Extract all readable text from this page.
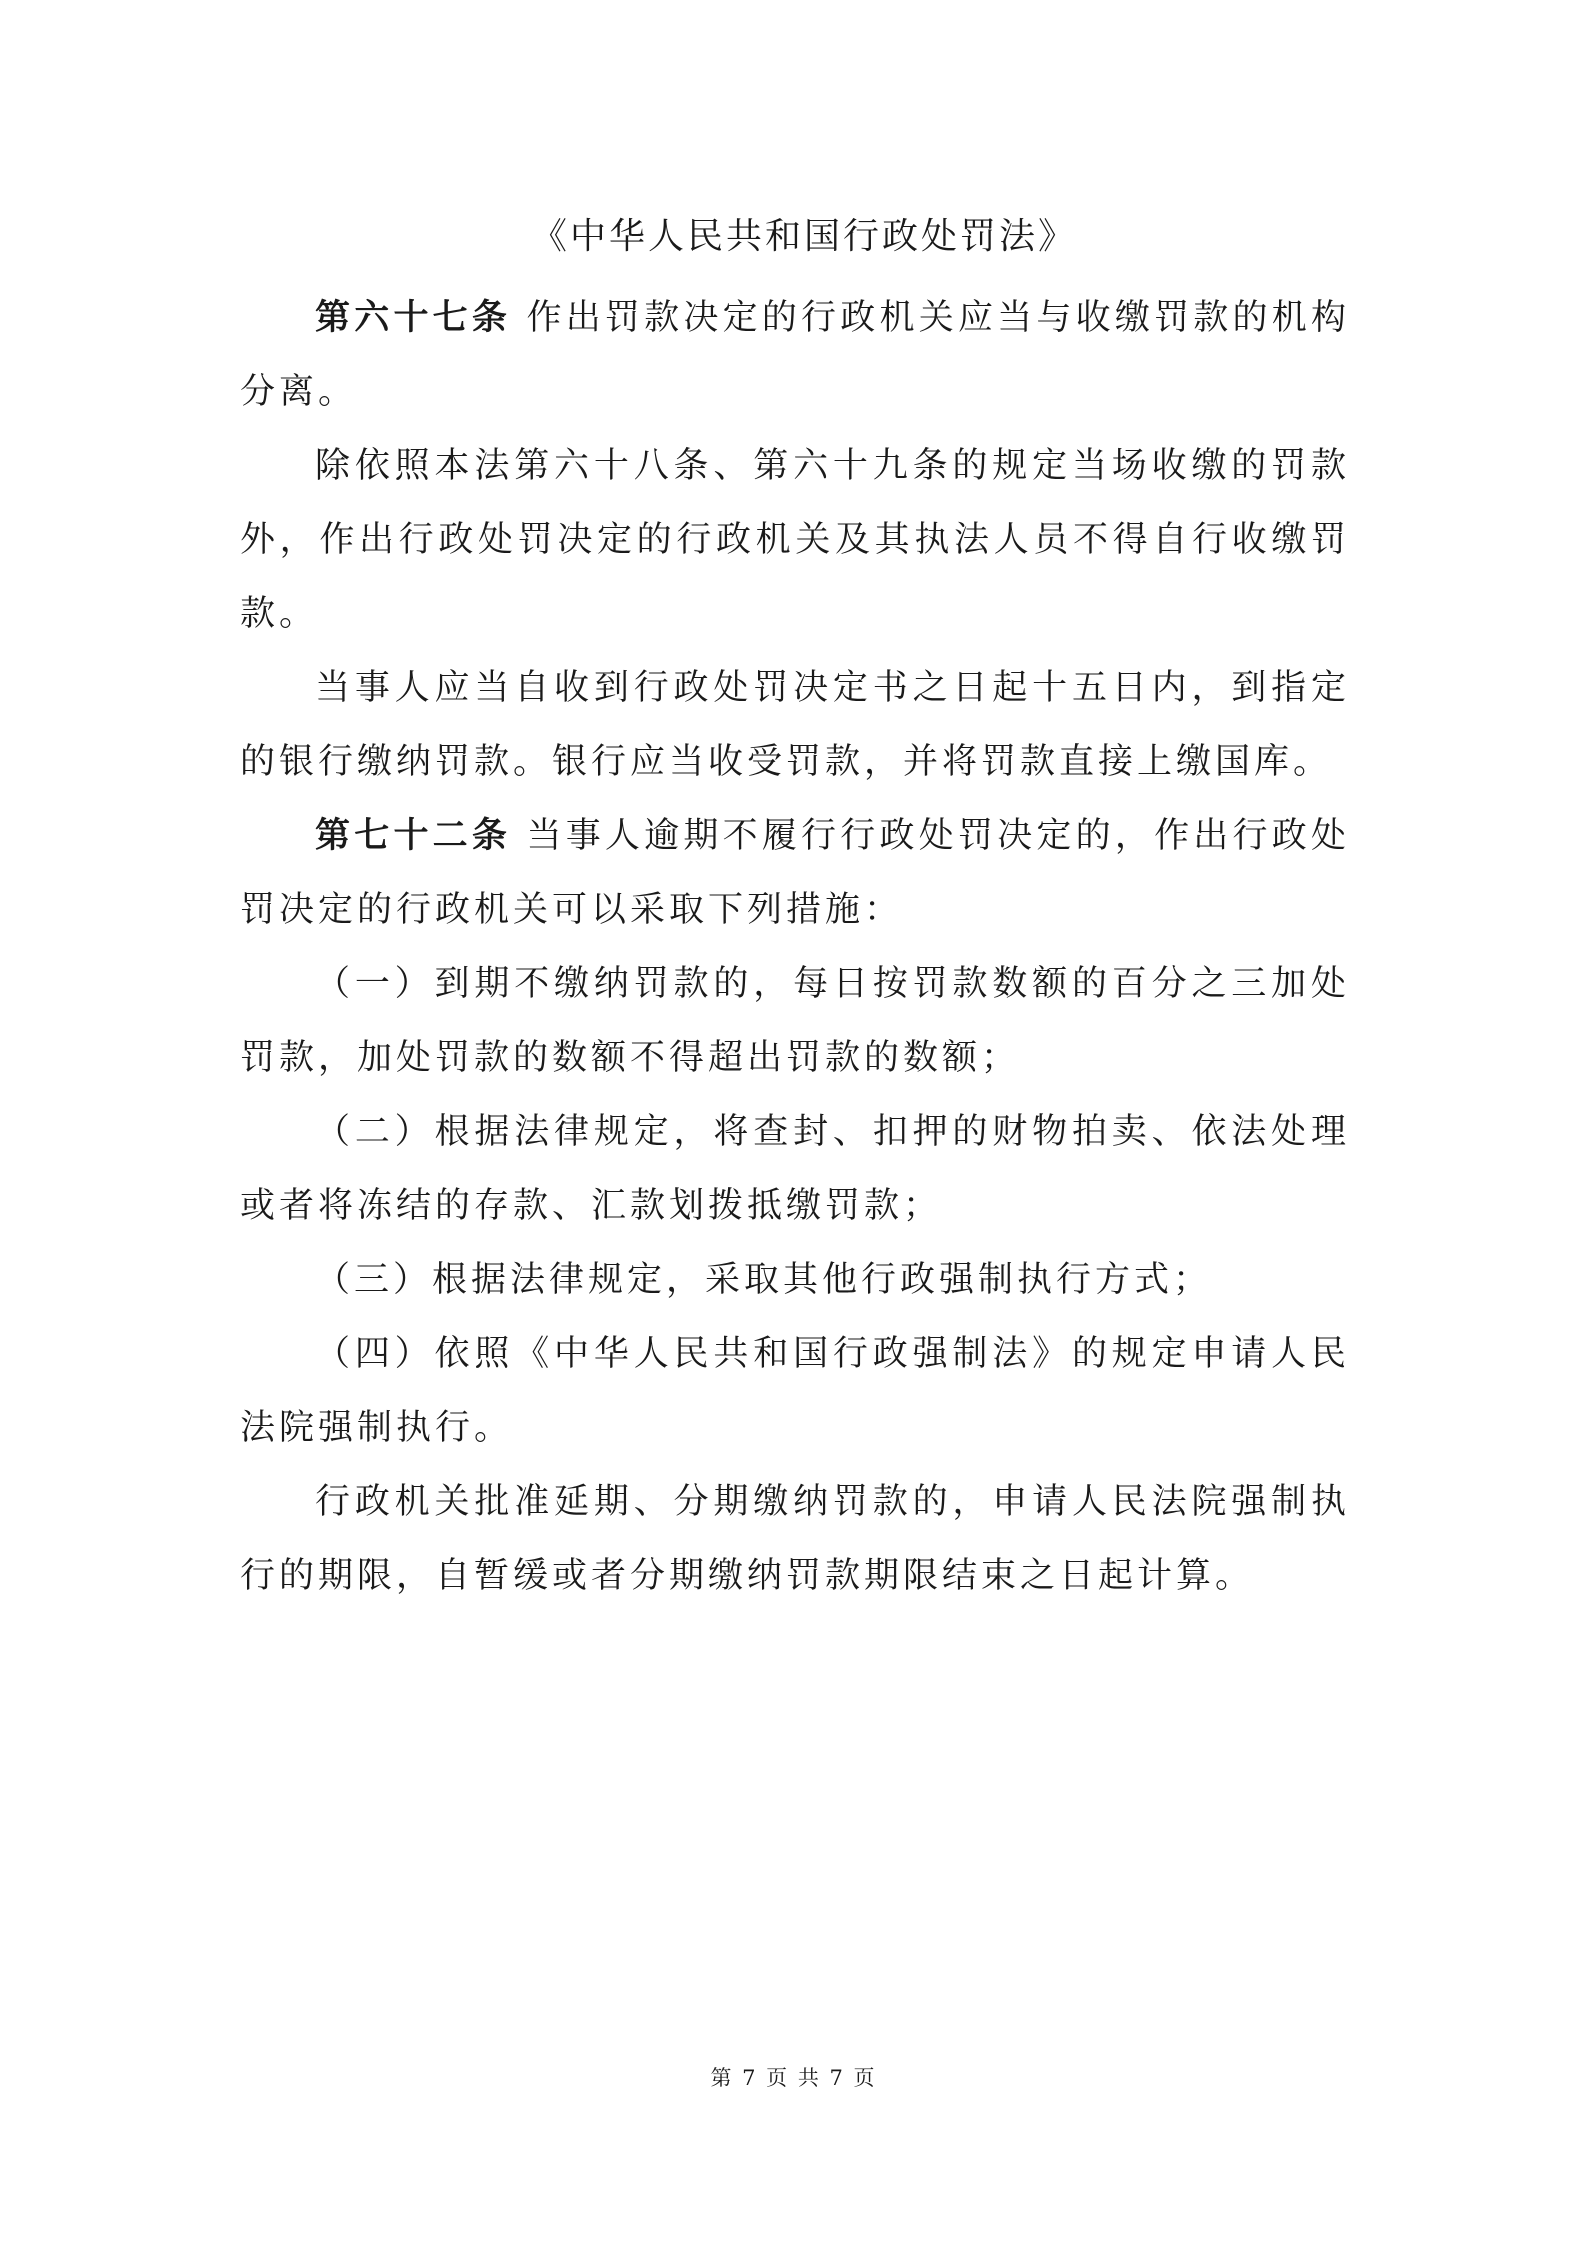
《中华人民共和国行政处罚法》

第六十七条 作出罚款决定的行政机关应当与收缴罚款的机构分离。

除依照本法第六十八条、第六十九条的规定当场收缴的罚款外，作出行政处罚决定的行政机关及其执法人员不得自行收缴罚款。

当事人应当自收到行政处罚决定书之日起十五日内，到指定的银行缴纳罚款。银行应当收受罚款，并将罚款直接上缴国库。

第七十二条 当事人逾期不履行行政处罚决定的，作出行政处罚决定的行政机关可以采取下列措施：

（一）到期不缴纳罚款的，每日按罚款数额的百分之三加处罚款，加处罚款的数额不得超出罚款的数额；

（二）根据法律规定，将查封、扣押的财物拍卖、依法处理或者将冻结的存款、汇款划拨抵缴罚款；

（三）根据法律规定，采取其他行政强制执行方式；

（四）依照《中华人民共和国行政强制法》的规定申请人民法院强制执行。

行政机关批准延期、分期缴纳罚款的，申请人民法院强制执行的期限，自暂缓或者分期缴纳罚款期限结束之日起计算。

第 7 页 共 7 页
